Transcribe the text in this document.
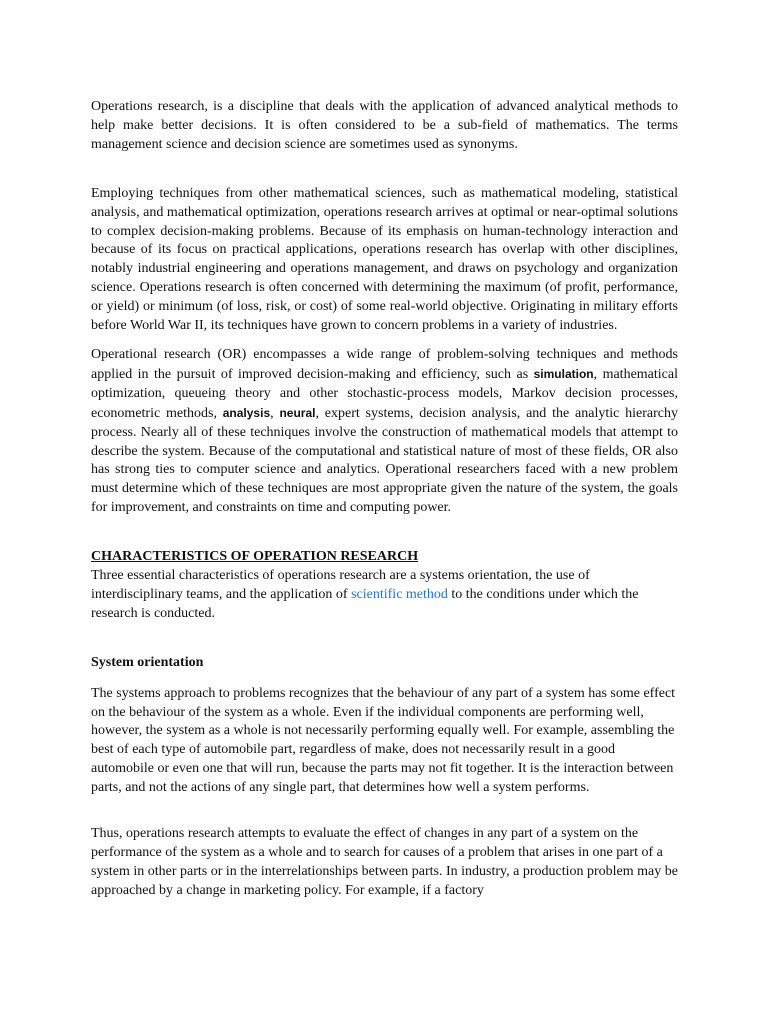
Operations research, is a discipline that deals with the application of advanced analytical methods to help make better decisions. It is often considered to be a sub-field of mathematics. The terms management science and decision science are sometimes used as synonyms.

Employing techniques from other mathematical sciences, such as mathematical modeling, statistical analysis, and mathematical optimization, operations research arrives at optimal or near-optimal solutions to complex decision-making problems. Because of its emphasis on human-technology interaction and because of its focus on practical applications, operations research has overlap with other disciplines, notably industrial engineering and operations management, and draws on psychology and organization science. Operations research is often concerned with determining the maximum (of profit, performance, or yield) or minimum (of loss, risk, or cost) of some real-world objective. Originating in military efforts before World War II, its techniques have grown to concern problems in a variety of industries.

Operational research (OR) encompasses a wide range of problem-solving techniques and methods applied in the pursuit of improved decision-making and efficiency, such as simulation, mathematical optimization, queueing theory and other stochastic-process models, Markov decision processes, econometric methods, analysis, neural, expert systems, decision analysis, and the analytic hierarchy process. Nearly all of these techniques involve the construction of mathematical models that attempt to describe the system. Because of the computational and statistical nature of most of these fields, OR also has strong ties to computer science and analytics. Operational researchers faced with a new problem must determine which of these techniques are most appropriate given the nature of the system, the goals for improvement, and constraints on time and computing power.

CHARACTERISTICS OF OPERATION RESEARCH

Three essential characteristics of operations research are a systems orientation, the use of interdisciplinary teams, and the application of scientific method to the conditions under which the research is conducted.

System orientation

The systems approach to problems recognizes that the behaviour of any part of a system has some effect on the behaviour of the system as a whole. Even if the individual components are performing well, however, the system as a whole is not necessarily performing equally well. For example, assembling the best of each type of automobile part, regardless of make, does not necessarily result in a good automobile or even one that will run, because the parts may not fit together. It is the interaction between parts, and not the actions of any single part, that determines how well a system performs.

Thus, operations research attempts to evaluate the effect of changes in any part of a system on the performance of the system as a whole and to search for causes of a problem that arises in one part of a system in other parts or in the interrelationships between parts. In industry, a production problem may be approached by a change in marketing policy. For example, if a factory
